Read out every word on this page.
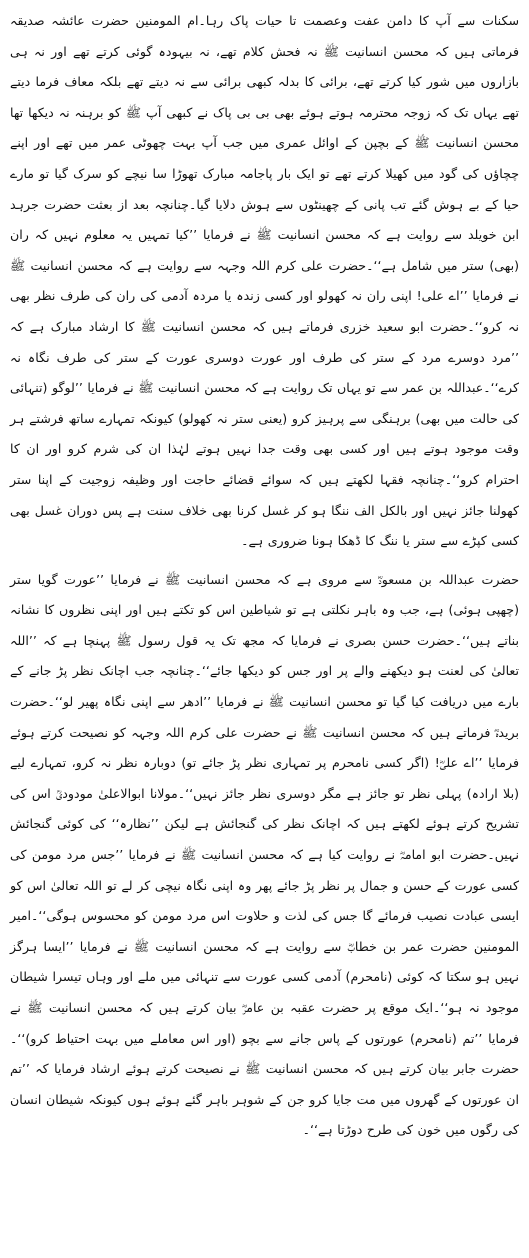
سکنات سے آپ کا دامن عفت وعصمت تا حیات پاک رہا۔ام المومنین حضرت عائشہ صدیقہ فرماتی ہیں کہ محسن انسانیت ﷺ نہ فحش کلام تھے، نہ بیہودہ گوئی کرتے تھے اور نہ ہی بازاروں میں شور کیا کرتے تھے، برائی کا بدلہ کبھی برائی سے نہ دیتے تھے بلکہ معاف فرما دیتے تھے یہاں تک کہ زوجہ محترمہ ہوتے ہوئے بھی بی بی پاک نے کبھی آپ ﷺ کو برہنہ نہ دیکھا تھا محسن انسانیت ﷺ کے بچپن کے اوائل عمری میں جب آپ بہت چھوٹی عمر میں تھے اور اپنے چچاؤں کی گود میں کھیلا کرتے تھے تو ایک بار پاجامہ مبارک تھوڑا سا نیچے کو سرک گیا تو مارے حیا کے بے ہوش گئے تب پانی کے چھینٹوں سے ہوش دلایا گیا۔چنانچہ بعد از بعثت حضرت جرہد ابن خویلد سے روایت ہے کہ محسن انسانیت ﷺ نے فرمایا ’’کیا تمہیں یہ معلوم نہیں کہ ران (بھی) ستر میں شامل ہے‘‘۔حضرت علی کرم اللہ وجہہ سے روایت ہے کہ محسن انسانیت ﷺ نے فرمایا ’’اے علی! اپنی ران نہ کھولو اور کسی زندہ یا مردہ آدمی کی ران کی طرف نظر بھی نہ کرو‘‘۔حضرت ابو سعید خزری فرماتے ہیں کہ محسن انسانیت ﷺ کا ارشاد مبارک ہے کہ ’’مرد دوسرے مرد کے ستر کی طرف اور عورت دوسری عورت کے ستر کی طرف نگاہ نہ کرے‘‘۔عبداللہ بن عمر سے تو یہاں تک روایت ہے کہ محسن انسانیت ﷺ نے فرمایا ’’لوگو (تنہائی کی حالت میں بھی) برہنگی سے پرہیز کرو (یعنی ستر نہ کھولو) کیونکہ تمہارے ساتھ فرشتے ہر وقت موجود ہوتے ہیں اور کسی بھی وقت جدا نہیں ہوتے لہٰذا ان کی شرم کرو اور ان کا احترام کرو‘‘۔چنانچہ فقہا لکھتے ہیں کہ سوائے قضائے حاجت اور وظیفہ زوجیت کے اپنا ستر کھولنا جائز نہیں اور بالکل الف ننگا ہو کر غسل کرنا بھی خلاف سنت ہے پس دوران غسل بھی کسی کپڑے سے ستر یا ننگ کا ڈھکا ہونا ضروری ہے۔

حضرت عبداللہ بن مسعودؓ سے مروی ہے کہ محسن انسانیت ﷺ نے فرمایا ’’عورت گویا ستر (چھپی ہوئی) ہے، جب وہ باہر نکلتی ہے تو شیاطین اس کو تکتے ہیں اور اپنی نظروں کا نشانہ بناتے ہیں‘‘۔حضرت حسن بصری نے فرمایا کہ مجھ تک یہ قول رسول ﷺ پہنچا ہے کہ ’’اللہ تعالیٰ کی لعنت ہو دیکھنے والے پر اور جس کو دیکھا جائے‘‘۔چنانچہ جب اچانک نظر پڑ جانے کے بارے میں دریافت کیا گیا تو محسن انسانیت ﷺ نے فرمایا ’’ادھر سے اپنی نگاہ پھیر لو‘‘۔حضرت بریدہؓ فرماتے ہیں کہ محسن انسانیت ﷺ نے حضرت علی کرم اللہ وجہہ کو نصیحت کرتے ہوئے فرمایا ’’اے علیؓ! (اگر کسی نامحرم پر تمہاری نظر پڑ جائے تو) دوبارہ نظر نہ کرو، تمہارے لیے (بلا ارادہ) پہلی نظر تو جائز ہے مگر دوسری نظر جائز نہیں‘‘۔مولانا ابوالاعلیٰ مودودیؒ اس کی تشریح کرتے ہوئے لکھتے ہیں کہ اچانک نظر کی گنجائش ہے لیکن ’’نظارہ‘‘ کی کوئی گنجائش نہیں۔حضرت ابو امامہؓ نے روایت کیا ہے کہ محسن انسانیت ﷺ نے فرمایا ’’جس مرد مومن کی کسی عورت کے حسن و جمال پر نظر پڑ جائے پھر وہ اپنی نگاہ نیچی کر لے تو اللہ تعالیٰ اس کو ایسی عبادت نصیب فرمائے گا جس کی لذت و حلاوت اس مرد مومن کو محسوس ہوگی‘‘۔امیر المومنین حضرت عمر بن خطابؓ سے روایت ہے کہ محسن انسانیت ﷺ نے فرمایا ’’ایسا ہرگز نہیں ہو سکتا کہ کوئی (نامحرم) آدمی کسی عورت سے تنہائی میں ملے اور وہاں تیسرا شیطان موجود نہ ہو‘‘۔ایک موقع پر حضرت عقبہ بن عامرؓ بیان کرتے ہیں کہ محسن انسانیت ﷺ نے فرمایا ’’تم (نامحرم) عورتوں کے پاس جانے سے بچو (اور اس معاملے میں بہت احتیاط کرو)‘‘۔حضرت جابر بیان کرتے ہیں کہ محسن انسانیت ﷺ نے نصیحت کرتے ہوئے ارشاد فرمایا کہ ’’تم ان عورتوں کے گھروں میں مت جایا کرو جن کے شوہر باہر گئے ہوئے ہوں کیونکہ شیطان انسان کی رگوں میں خون کی طرح دوڑتا ہے‘‘۔
